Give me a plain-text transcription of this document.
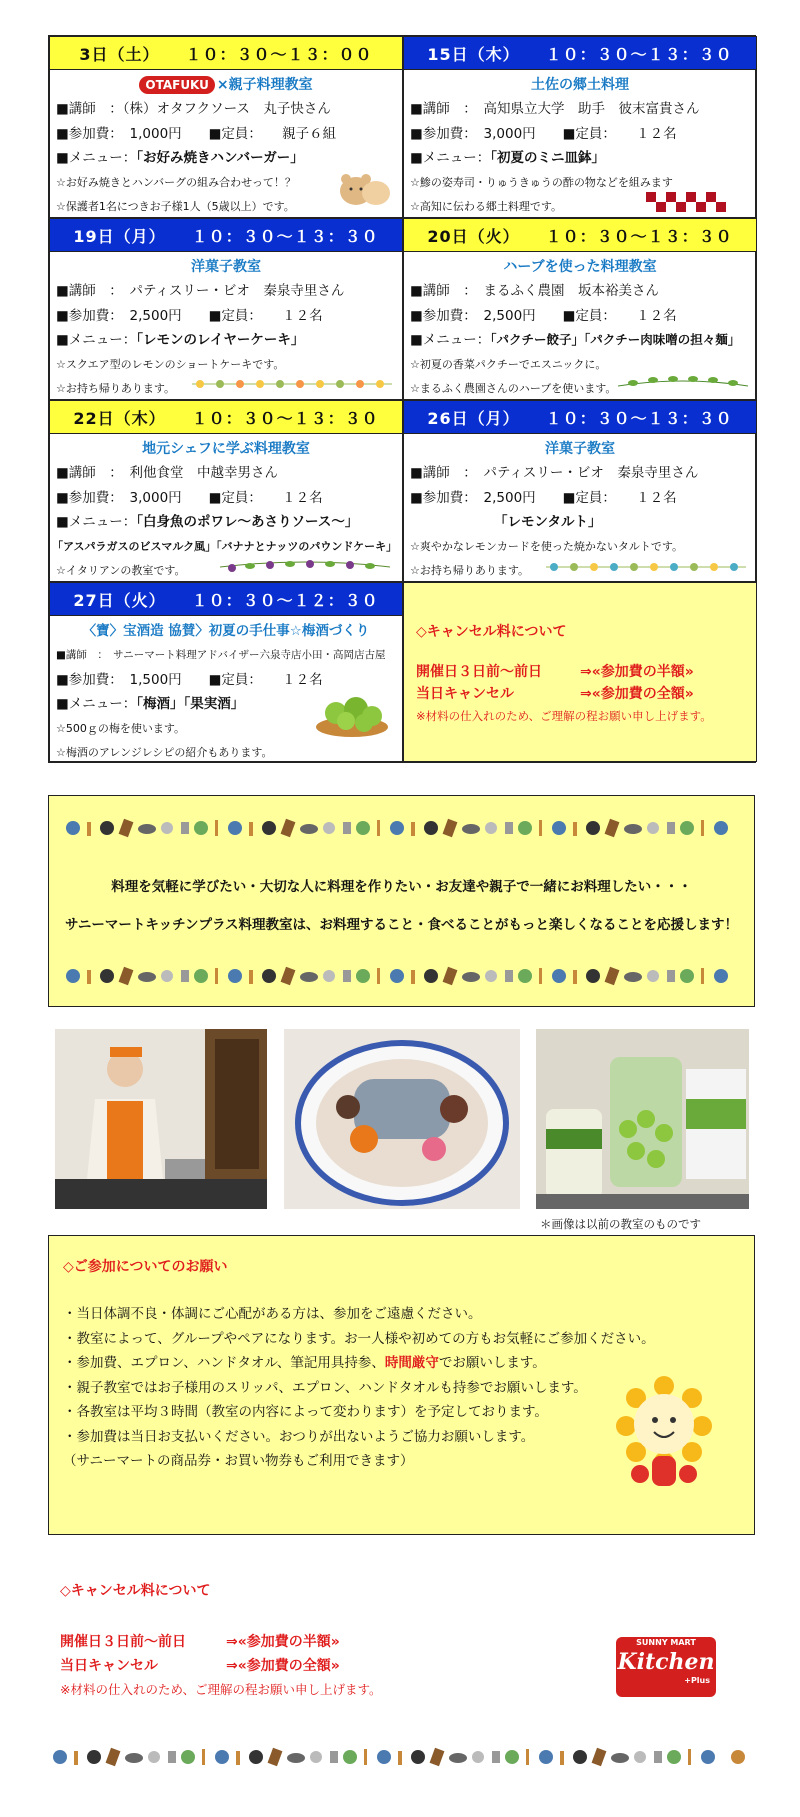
3日（土）　　１０：３０～１３：００
OTAFUKU ×親子料理教室
■講師　：（株）オタフクソース　丸子快さん
■参加費：　1,000円　　■定員：　　親子６組
■メニュー：「お好み焼きハンバーガー」
☆お好み焼きとハンバーグの組み合わせって！？
☆保護者1名につきお子様1人（5歳以上）です。
15日（木）　　１０：３０～１３：３０
土佐の郷土料理
■講師　：　高知県立大学　助手　彼末富貴さん
■参加費：　3,000円　　■定員：　　１２名
■メニュー：「初夏のミニ皿鉢」
☆鯵の姿寿司・りゅうきゅうの酢の物などを組みます
☆高知に伝わる郷土料理です。
19日（月）　　１０：３０～１３：３０
洋菓子教室
■講師　：　パティスリー・ビオ　秦泉寺里さん
■参加費：　2,500円　　■定員：　　１２名
■メニュー：「レモンのレイヤーケーキ」
☆スクエア型のレモンのショートケーキです。
☆お持ち帰りあります。
20日（火）　　１０：３０～１３：３０
ハーブを使った料理教室
■講師　：　まるふく農園　坂本裕美さん
■参加費：　2,500円　　■定員：　　１２名
■メニュー：「パクチー餃子」「パクチー肉味噌の担々麺」
☆初夏の香菜パクチーでエスニックに。
☆まるふく農園さんのハーブを使います。
22日（木）　　１０：３０～１３：３０
地元シェフに学ぶ料理教室
■講師　：　利他食堂　中越幸男さん
■参加費：　3,000円　　■定員：　　１２名
■メニュー：「白身魚のポワレ～あさりソース～」
「アスパラガスのビスマルク風」「バナナとナッツのパウンドケーキ」
☆イタリアンの教室です。
26日（月）　　１０：３０～１３：３０
洋菓子教室
■講師　：　パティスリー・ビオ　秦泉寺里さん
■参加費：　2,500円　　■定員：　　１２名
「レモンタルト」
☆爽やかなレモンカードを使った焼かないタルトです。
☆お持ち帰りあります。
27日（火）　　１０：３０～１２：３０
〈寶〉宝酒造 協賛〉初夏の手仕事☆梅酒づくり
■講師　：　サニーマート料理アドバイザー六泉寺店小田・高岡店古屋
■参加費：　1,500円　　■定員：　　１２名
■メニュー：「梅酒」「果実酒」
☆500ｇの梅を使います。
☆梅酒のアレンジレシピの紹介もあります。
◇キャンセル料について
開催日３日前～前日	⇒«参加費の半額»
当日キャンセル	⇒«参加費の全額»
※材料の仕入れのため、ご理解の程お願い申し上げます。
料理を気軽に学びたい・大切な人に料理を作りたい・お友達や親子で一緒にお料理したい・・・
サニーマートキッチンプラス料理教室は、お料理すること・食べることがもっと楽しくなることを応援します！
＊画像は以前の教室のものです
◇ご参加についてのお願い
・当日体調不良・体調にご心配がある方は、参加をご遠慮ください。
・教室によって、グループやペアになります。お一人様や初めての方もお気軽にご参加ください。
・参加費、エプロン、ハンドタオル、筆記用具持参、時間厳守でお願いします。
・親子教室ではお子様用のスリッパ、エプロン、ハンドタオルも持参でお願いします。
・各教室は平均３時間（教室の内容によって変わります）を予定しております。
・参加費は当日お支払いください。おつりが出ないようご協力お願いします。
（サニーマートの商品券・お買い物券もご利用できます）
◇キャンセル料について
開催日３日前～前日	⇒«参加費の半額»
当日キャンセル	⇒«参加費の全額»
※材料の仕入れのため、ご理解の程お願い申し上げます。
SUNNY MART
Kitchen
+Plus
